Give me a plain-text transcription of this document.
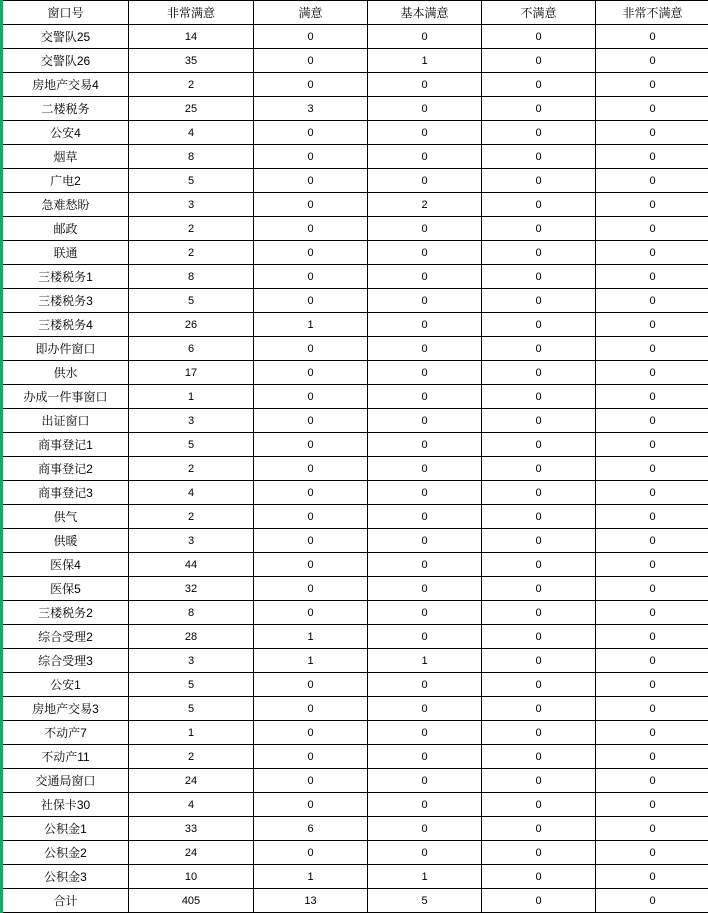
窗口号	非常满意	满意	基本满意	不满意	非常不满意
交警队25	14	0	0	0	0
交警队26	35	0	1	0	0
房地产交易4	2	0	0	0	0
二楼税务	25	3	0	0	0
公安4	4	0	0	0	0
烟草	8	0	0	0	0
广电2	5	0	0	0	0
急难愁盼	3	0	2	0	0
邮政	2	0	0	0	0
联通	2	0	0	0	0
三楼税务1	8	0	0	0	0
三楼税务3	5	0	0	0	0
三楼税务4	26	1	0	0	0
即办件窗口	6	0	0	0	0
供水	17	0	0	0	0
办成一件事窗口	1	0	0	0	0
出证窗口	3	0	0	0	0
商事登记1	5	0	0	0	0
商事登记2	2	0	0	0	0
商事登记3	4	0	0	0	0
供气	2	0	0	0	0
供暖	3	0	0	0	0
医保4	44	0	0	0	0
医保5	32	0	0	0	0
三楼税务2	8	0	0	0	0
综合受理2	28	1	0	0	0
综合受理3	3	1	1	0	0
公安1	5	0	0	0	0
房地产交易3	5	0	0	0	0
不动产7	1	0	0	0	0
不动产11	2	0	0	0	0
交通局窗口	24	0	0	0	0
社保卡30	4	0	0	0	0
公积金1	33	6	0	0	0
公积金2	24	0	0	0	0
公积金3	10	1	1	0	0
合计	405	13	5	0	0
